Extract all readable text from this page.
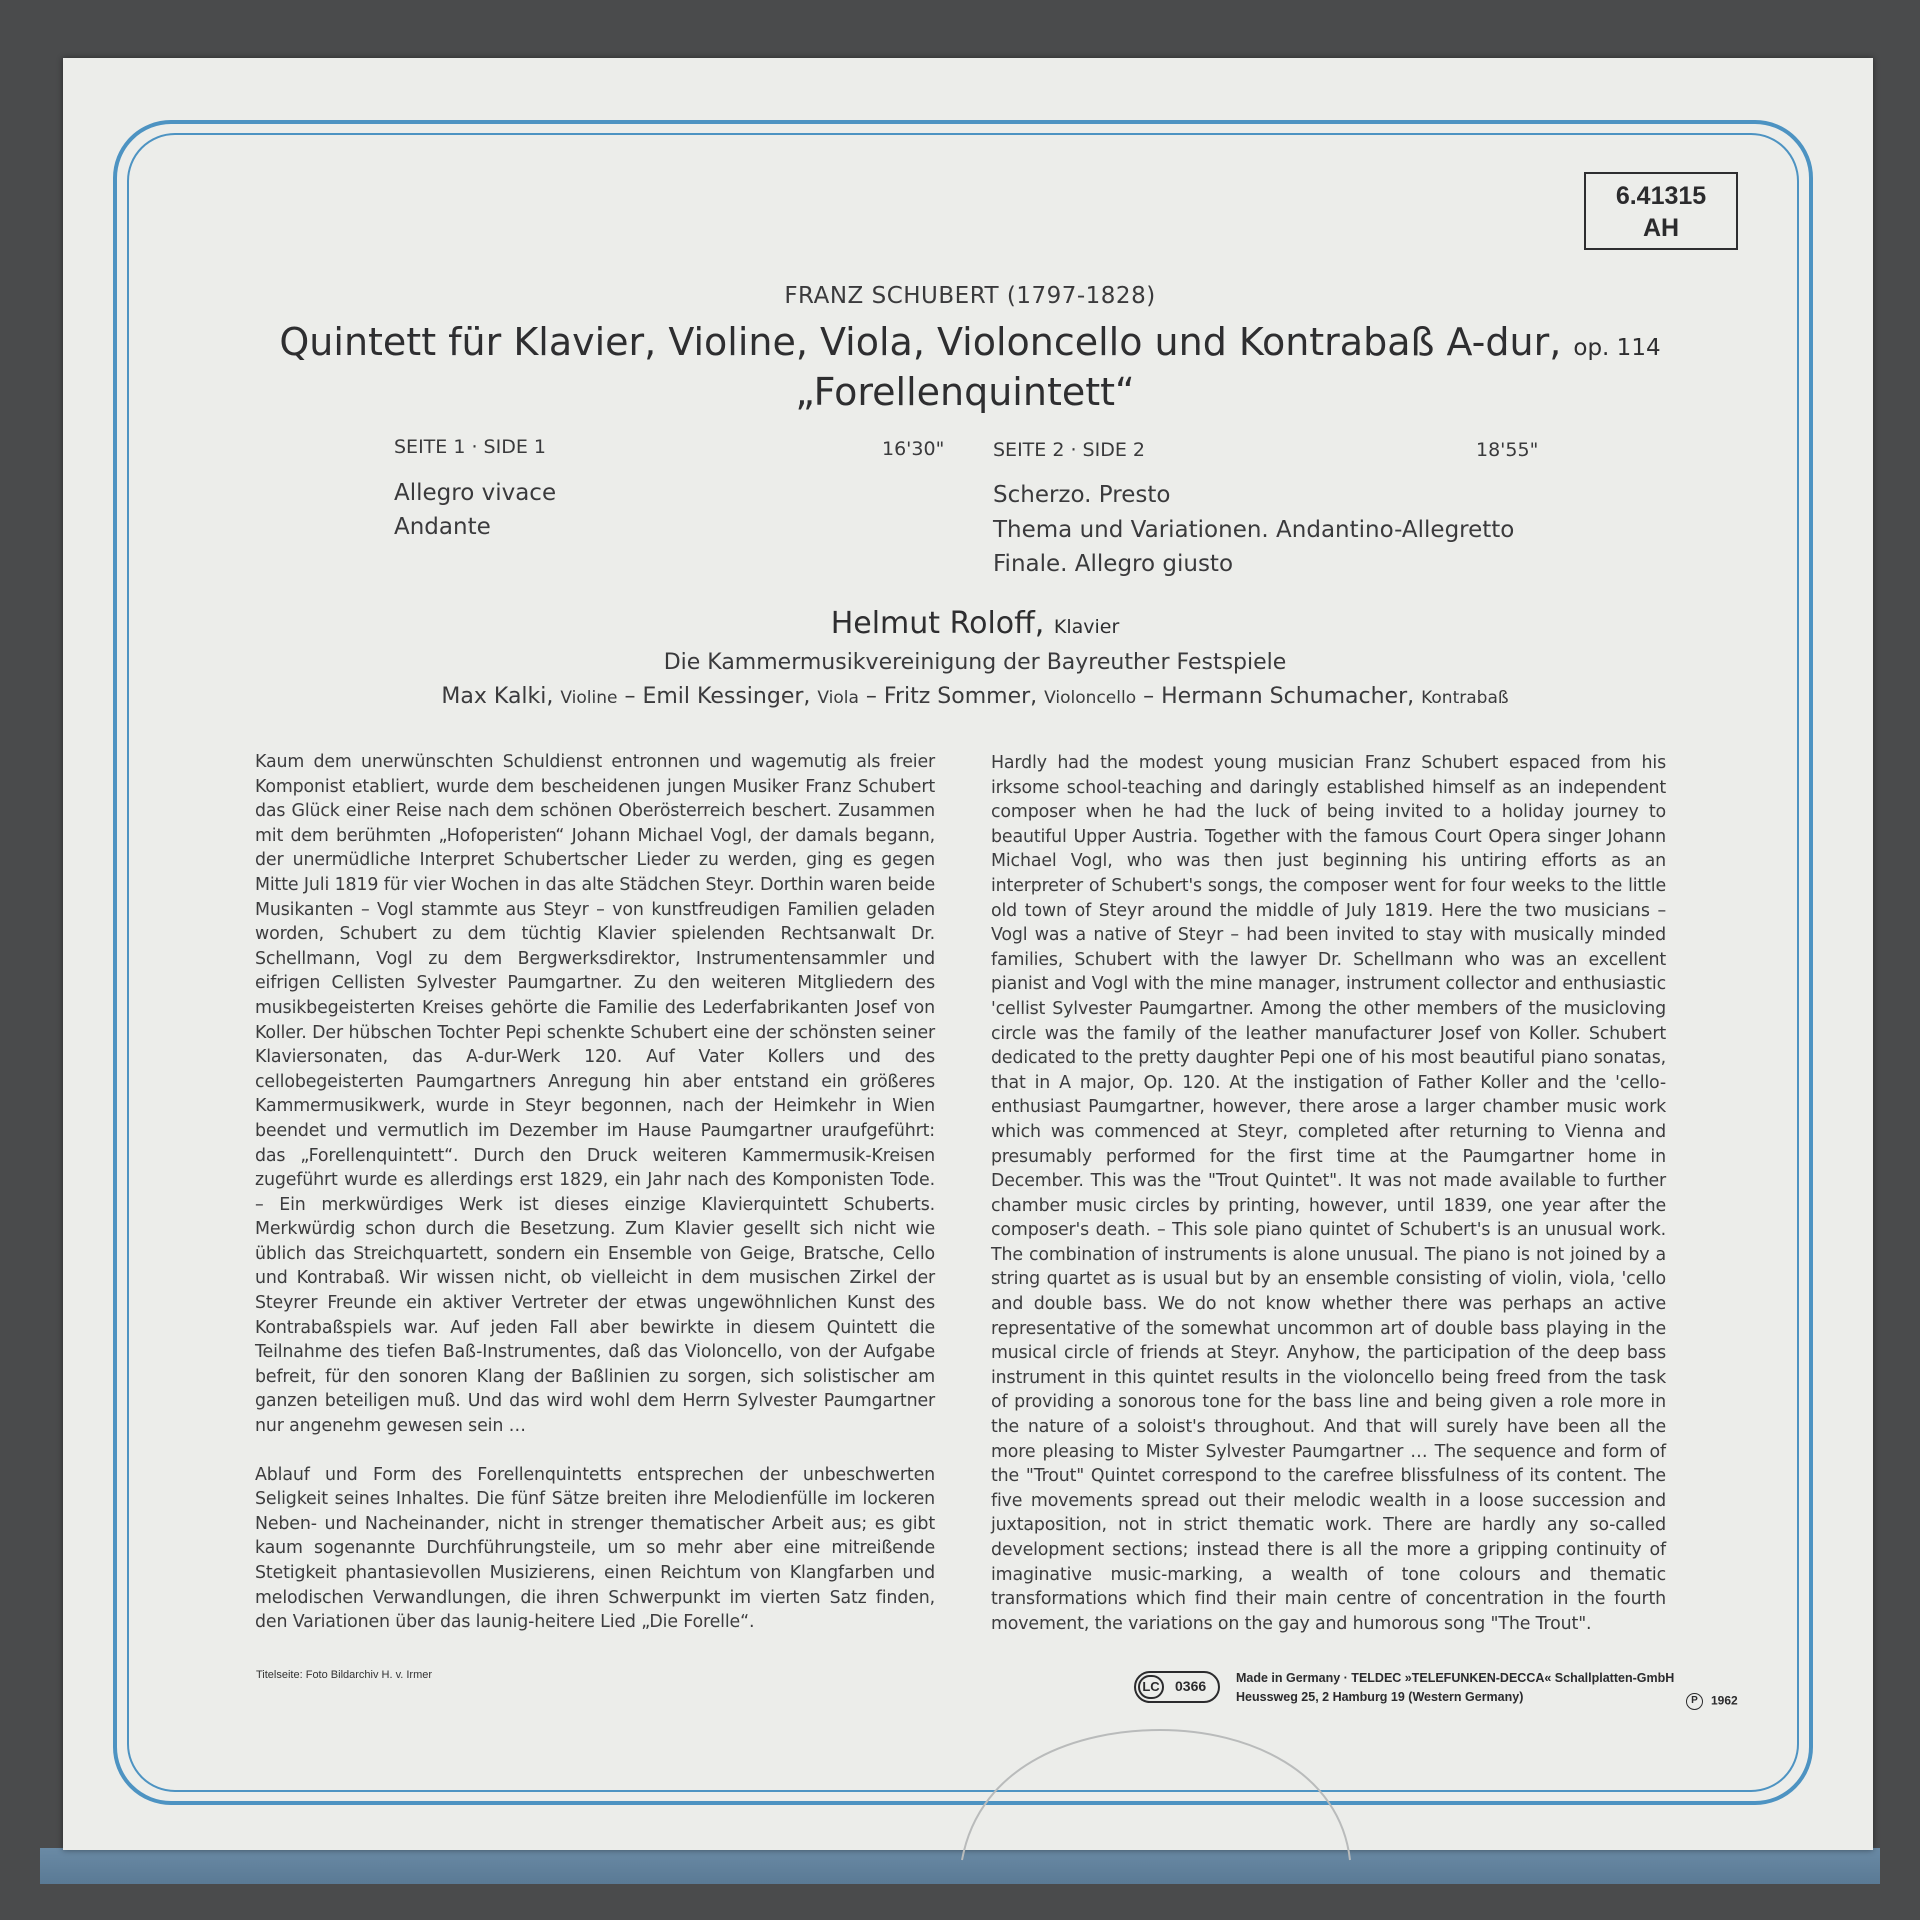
6.41315
AH
FRANZ SCHUBERT (1797-1828)
Quintett für Klavier, Violine, Viola, Violoncello und Kontrabaß A-dur, op. 114
„Forellenquintett“
SEITE 1 · SIDE 1	16'30"
Allegro vivace
Andante
SEITE 2 · SIDE 2	18'55"
Scherzo. Presto
Thema und Variationen. Andantino-Allegretto
Finale. Allegro giusto
Helmut Roloff, Klavier
Die Kammermusikvereinigung der Bayreuther Festspiele
Max Kalki, Violine – Emil Kessinger, Viola – Fritz Sommer, Violoncello – Hermann Schumacher, Kontrabaß

Kaum dem unerwünschten Schuldienst entronnen und wagemutig als freier Komponist etabliert, wurde dem bescheidenen jungen Musiker Franz Schubert das Glück einer Reise nach dem schönen Oberösterreich beschert. Zusammen mit dem berühmten „Hofoperisten“ Johann Michael Vogl, der damals begann, der unermüdliche Interpret Schubertscher Lieder zu werden, ging es gegen Mitte Juli 1819 für vier Wochen in das alte Städchen Steyr. Dorthin waren beide Musikanten – Vogl stammte aus Steyr – von kunstfreudigen Familien geladen worden, Schubert zu dem tüchtig Klavier spielenden Rechtsanwalt Dr. Schellmann, Vogl zu dem Bergwerksdirektor, Instrumentensammler und eifrigen Cellisten Sylvester Paumgartner. Zu den weiteren Mitgliedern des musikbegeisterten Kreises gehörte die Familie des Lederfabrikanten Josef von Koller. Der hübschen Tochter Pepi schenkte Schubert eine der schönsten seiner Klaviersonaten, das A-dur-Werk 120. Auf Vater Kollers und des cellobegeisterten Paumgartners Anregung hin aber entstand ein größeres Kammermusikwerk, wurde in Steyr begonnen, nach der Heimkehr in Wien beendet und vermutlich im Dezember im Hause Paumgartner uraufgeführt: das „Forellenquintett“. Durch den Druck weiteren Kammermusik-Kreisen zugeführt wurde es allerdings erst 1829, ein Jahr nach des Komponisten Tode. – Ein merkwürdiges Werk ist dieses einzige Klavierquintett Schuberts. Merkwürdig schon durch die Besetzung. Zum Klavier gesellt sich nicht wie üblich das Streichquartett, sondern ein Ensemble von Geige, Bratsche, Cello und Kontrabaß. Wir wissen nicht, ob vielleicht in dem musischen Zirkel der Steyrer Freunde ein aktiver Vertreter der etwas ungewöhnlichen Kunst des Kontrabaßspiels war. Auf jeden Fall aber bewirkte in diesem Quintett die Teilnahme des tiefen Baß-Instrumentes, daß das Violoncello, von der Aufgabe befreit, für den sonoren Klang der Baßlinien zu sorgen, sich solistischer am ganzen beteiligen muß. Und das wird wohl dem Herrn Sylvester Paumgartner nur angenehm gewesen sein …

Ablauf und Form des Forellenquintetts entsprechen der unbeschwerten Seligkeit seines Inhaltes. Die fünf Sätze breiten ihre Melodienfülle im lockeren Neben- und Nacheinander, nicht in strenger thematischer Arbeit aus; es gibt kaum sogenannte Durchführungsteile, um so mehr aber eine mitreißende Stetigkeit phantasievollen Musizierens, einen Reichtum von Klangfarben und melodischen Verwandlungen, die ihren Schwerpunkt im vierten Satz finden, den Variationen über das launig-heitere Lied „Die Forelle“.

Hardly had the modest young musician Franz Schubert espaced from his irksome school-teaching and daringly established himself as an independent composer when he had the luck of being invited to a holiday journey to beautiful Upper Austria. Together with the famous Court Opera singer Johann Michael Vogl, who was then just beginning his untiring efforts as an interpreter of Schubert's songs, the composer went for four weeks to the little old town of Steyr around the middle of July 1819. Here the two musicians – Vogl was a native of Steyr – had been invited to stay with musically minded families, Schubert with the lawyer Dr. Schellmann who was an excellent pianist and Vogl with the mine manager, instrument collector and enthusiastic 'cellist Sylvester Paumgartner. Among the other members of the musicloving circle was the family of the leather manufacturer Josef von Koller. Schubert dedicated to the pretty daughter Pepi one of his most beautiful piano sonatas, that in A major, Op. 120. At the instigation of Father Koller and the 'cello-enthusiast Paumgartner, however, there arose a larger chamber music work which was commenced at Steyr, completed after returning to Vienna and presumably performed for the first time at the Paumgartner home in December. This was the "Trout Quintet". It was not made available to further chamber music circles by printing, however, until 1839, one year after the composer's death. – This sole piano quintet of Schubert's is an unusual work. The combination of instruments is alone unusual. The piano is not joined by a string quartet as is usual but by an ensemble consisting of violin, viola, 'cello and double bass. We do not know whether there was perhaps an active representative of the somewhat uncommon art of double bass playing in the musical circle of friends at Steyr. Anyhow, the participation of the deep bass instrument in this quintet results in the violoncello being freed from the task of providing a sonorous tone for the bass line and being given a role more in the nature of a soloist's throughout. And that will surely have been all the more pleasing to Mister Sylvester Paumgartner … The sequence and form of the "Trout" Quintet correspond to the carefree blissfulness of its content. The five movements spread out their melodic wealth in a loose succession and juxtaposition, not in strict thematic work. There are hardly any so-called development sections; instead there is all the more a gripping continuity of imaginative music-marking, a wealth of tone colours and thematic transformations which find their main centre of concentration in the fourth movement, the variations on the gay and humorous song "The Trout".

Titelseite: Foto Bildarchiv H. v. Irmer
LC	0366 Made in Germany · TELDEC »TELEFUNKEN-DECCA« Schallplatten-GmbH
Heussweg 25, 2 Hamburg 19 (Western Germany)	P 1962
